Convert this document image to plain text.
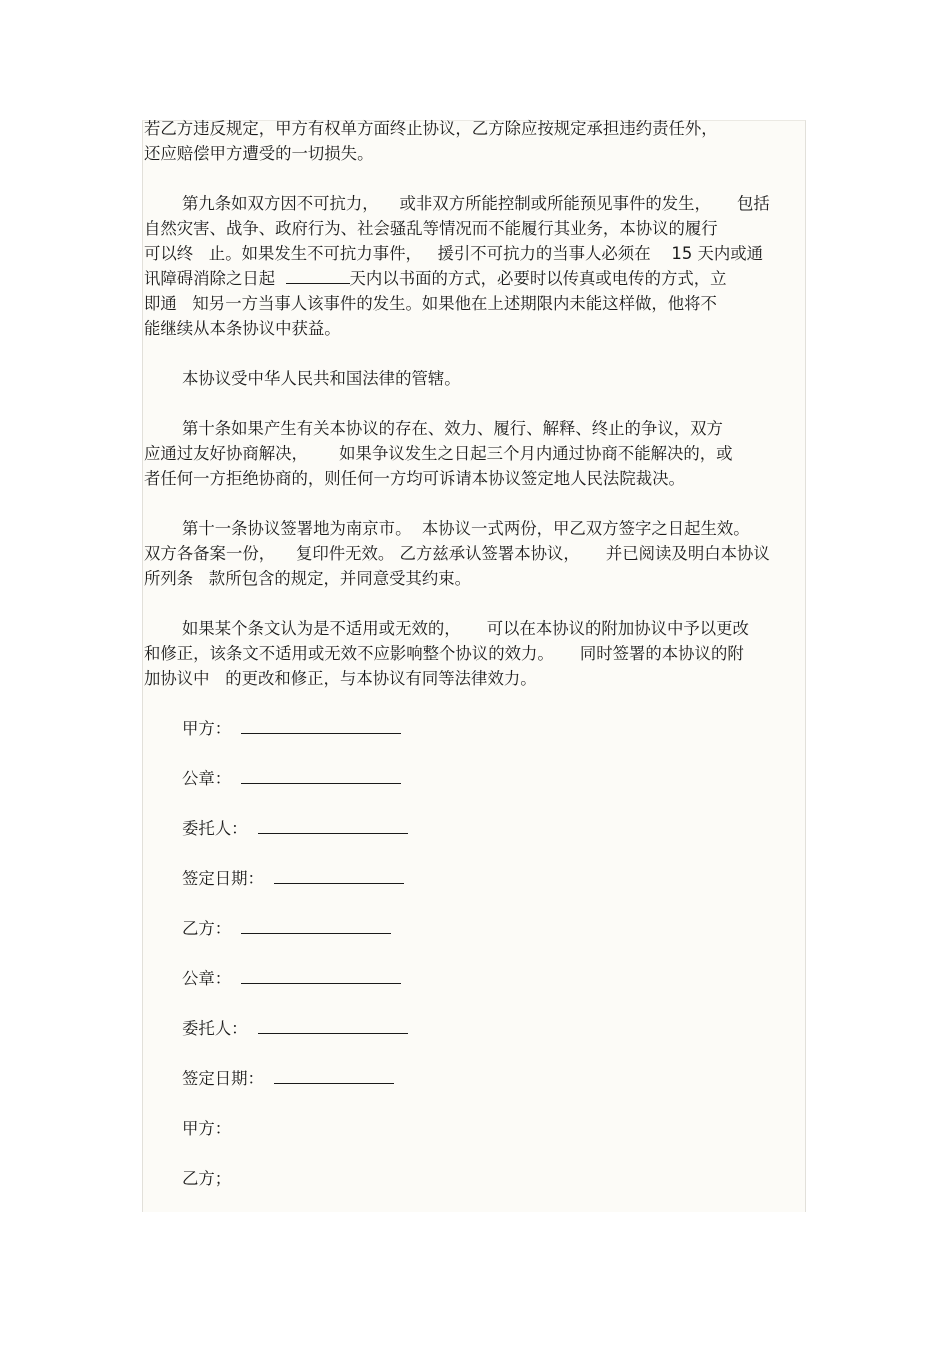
若乙方违反规定，甲方有权单方面终止协议，乙方除应按规定承担违约责任外，
还应赔偿甲方遭受的一切损失。
第九条如双方因不可抗力，    或非双方所能控制或所能预见事件的发生，     包括
自然灾害、战争、政府行为、社会骚乱等情况而不能履行其业务，本协议的履行
可以终   止。如果发生不可抗力事件，   援引不可抗力的当事人必须在    15 天内或通
讯障碍消除之日起	天内以书面的方式，必要时以传真或电传的方式，立
即通   知另一方当事人该事件的发生。如果他在上述期限内未能这样做，他将不
能继续从本条协议中获益。
本协议受中华人民共和国法律的管辖。
第十条如果产生有关本协议的存在、效力、履行、解释、终止的争议，双方
应通过友好协商解决，      如果争议发生之日起三个月内通过协商不能解决的，或
者任何一方拒绝协商的，则任何一方均可诉请本协议签定地人民法院裁决。
第十一条协议签署地为南京市。  本协议一式两份，甲乙双方签字之日起生效。
双方各备案一份，    复印件无效。 乙方兹承认签署本协议，     并已阅读及明白本协议
所列条   款所包含的规定，并同意受其约束。
如果某个条文认为是不适用或无效的，     可以在本协议的附加协议中予以更改
和修正，该条文不适用或无效不应影响整个协议的效力。     同时签署的本协议的附
加协议中   的更改和修正，与本协议有同等法律效力。
甲方：
公章：
委托人：
签定日期：
乙方：
公章：
委托人：
签定日期：
甲方：
乙方；
